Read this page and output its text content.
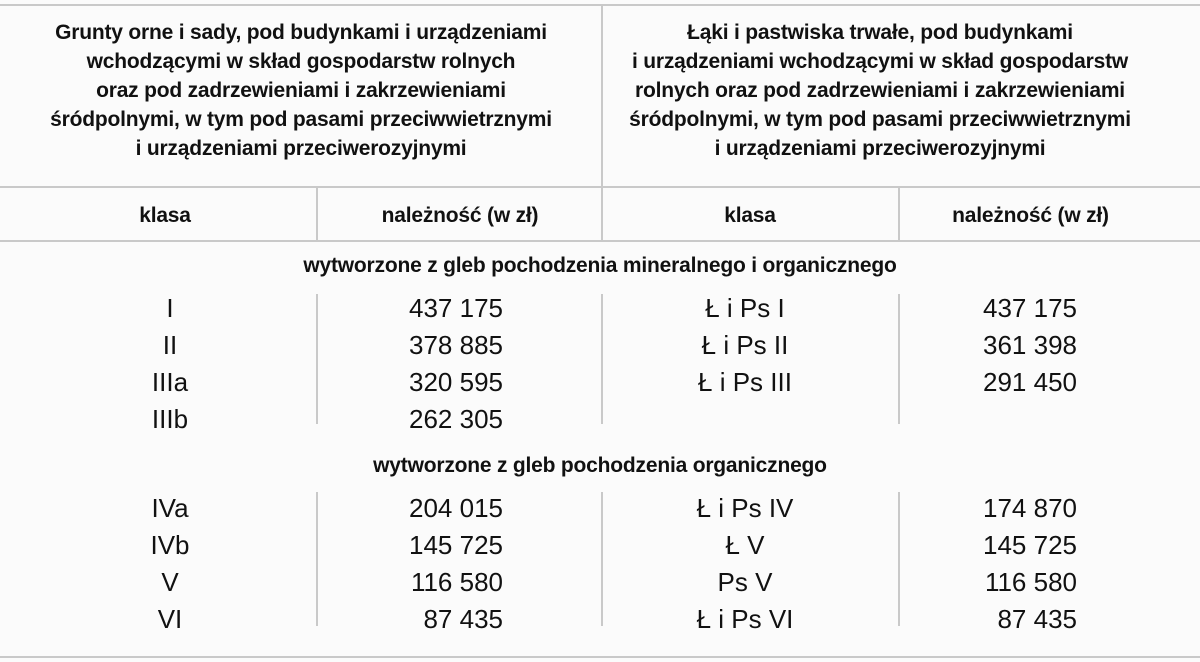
Grunty orne i sady, pod budynkami i urządzeniami
wchodzącymi w skład gospodarstw rolnych
oraz pod zadrzewieniami i zakrzewieniami
śródpolnymi, w tym pod pasami przeciwwietrznymi
i urządzeniami przeciwerozyjnymi
Łąki i pastwiska trwałe, pod budynkami
i urządzeniami wchodzącymi w skład gospodarstw
rolnych oraz pod zadrzewieniami i zakrzewieniami
śródpolnymi, w tym pod pasami przeciwwietrznymi
i urządzeniami przeciwerozyjnymi
klasa	należność (w zł)	klasa	należność (w zł)
wytworzone z gleb pochodzenia mineralnego i organicznego
I	437 175	Ł i Ps I	437 175
II	378 885	Ł i Ps II	361 398
IIIa	320 595	Ł i Ps III	291 450
IIIb	262 305
wytworzone z gleb pochodzenia organicznego
IVa	204 015	Ł i Ps IV	174 870
IVb	145 725	Ł V	145 725
V	116 580	Ps V	116 580
VI	87 435	Ł i Ps VI	87 435
